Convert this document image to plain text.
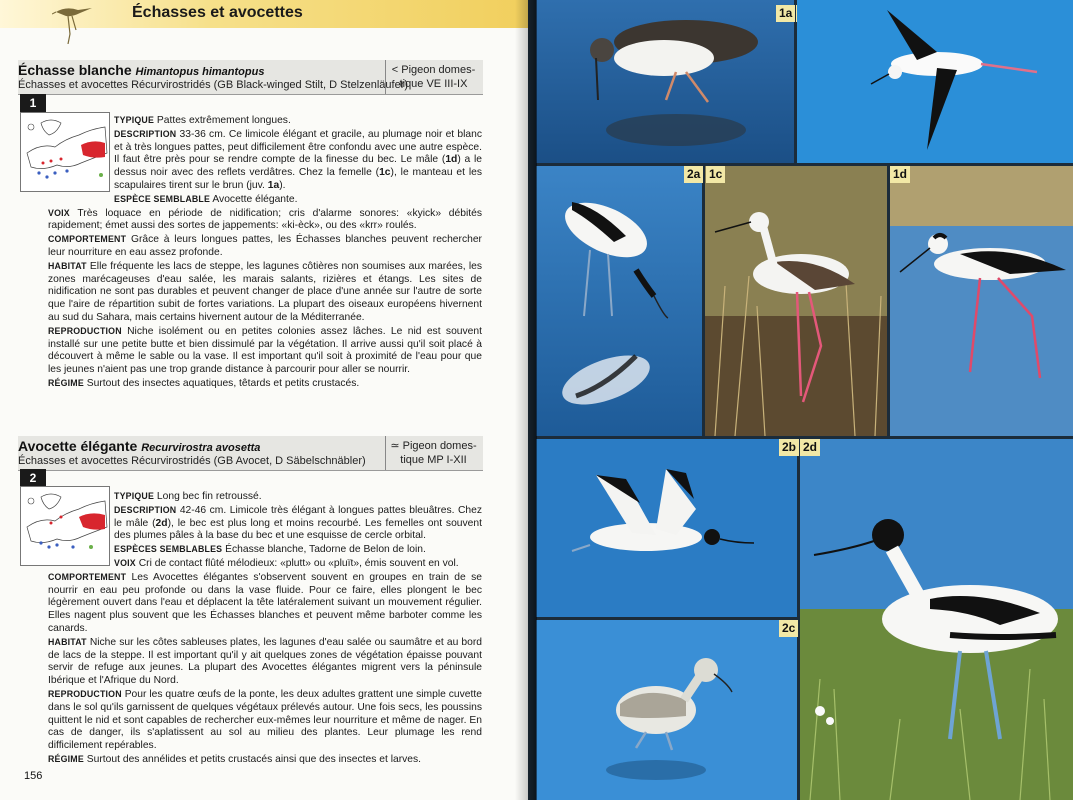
Échasses et avocettes
Échasse blanche Himantopus himantopus
Échasses et avocettes Récurvirostridés (GB Black-winged Stilt, D Stelzenläufer)
< Pigeon domes-
tique VE III-IX
1
TYPIQUE Pattes extrêmement longues.
DESCRIPTION 33-36 cm. Ce limicole élégant et gracile, au plumage noir et blanc et à très longues pattes, peut difficilement être confondu avec une autre espèce. Il faut être près pour se rendre compte de la finesse du bec. Le mâle (1d) a le dessus noir avec des reflets verdâtres. Chez la femelle (1c), le manteau et les scapulaires tirent sur le brun (juv. 1a).
ESPÈCE SEMBLABLE Avocette élégante.
VOIX Très loquace en période de nidification; cris d'alarme sonores: «kyick» débités rapidement; émet aussi des sortes de jappements: «ki-èck», ou des «krr» roulés.
COMPORTEMENT Grâce à leurs longues pattes, les Échasses blanches peuvent rechercher leur nourriture en eau assez profonde.
HABITAT Elle fréquente les lacs de steppe, les lagunes côtières non soumises aux marées, les zones marécageuses d'eau salée, les marais salants, rizières et étangs. Les sites de nidification ne sont pas durables et peuvent changer de place d'une année sur l'autre de sorte que l'aire de répartition subit de fortes variations. La plupart des oiseaux européens hivernent au sud du Sahara, mais certains hivernent autour de la Méditerranée.
REPRODUCTION Niche isolément ou en petites colonies assez lâches. Le nid est souvent installé sur une petite butte et bien dissimulé par la végétation. Il arrive aussi qu'il soit placé à découvert à même le sable ou la vase. Il est important qu'il soit à proximité de l'eau pour que les jeunes n'aient pas une trop grande distance à parcourir pour aller se nourrir.
RÉGIME Surtout des insectes aquatiques, têtards et petits crustacés.
Avocette élégante Recurvirostra avosetta
Échasses et avocettes Récurvirostridés (GB Avocet, D Säbelschnäbler)
≃ Pigeon domes-
tique MP I-XII
2
TYPIQUE Long bec fin retroussé.
DESCRIPTION 42-46 cm. Limicole très élégant à longues pattes bleuâtres. Chez le mâle (2d), le bec est plus long et moins recourbé. Les femelles ont souvent des plumes pâles à la base du bec et une esquisse de cercle orbital.
ESPÈCES SEMBLABLES Échasse blanche, Tadorne de Belon de loin.
VOIX Cri de contact flûté mélodieux: «plutt» ou «pluït», émis souvent en vol.
COMPORTEMENT Les Avocettes élégantes s'observent souvent en groupes en train de se nourrir en eau peu profonde ou dans la vase fluide. Pour ce faire, elles plongent le bec légèrement ouvert dans l'eau et déplacent la tête latéralement suivant un mouvement régulier. Elles nagent plus souvent que les Échasses blanches et peuvent même barboter comme les canards.
HABITAT Niche sur les côtes sableuses plates, les lagunes d'eau salée ou saumâtre et au bord de lacs de la steppe. Il est important qu'il y ait quelques zones de végétation épaisse pouvant servir de refuge aux jeunes. La plupart des Avocettes élégantes migrent vers la péninsule Ibérique et l'Afrique du Nord.
REPRODUCTION Pour les quatre œufs de la ponte, les deux adultes grattent une simple cuvette dans le sol qu'ils garnissent de quelques végétaux prélevés autour. Une fois secs, les poussins quittent le nid et sont capables de rechercher eux-mêmes leur nourriture et même de nager. En cas de danger, ils s'aplatissent au sol au milieu des plantes. Leur plumage les rend difficilement repérables.
RÉGIME Surtout des annélides et petits crustacés ainsi que des insectes et larves.
156
1a
2a 1c	1d
2b
2c
2d
